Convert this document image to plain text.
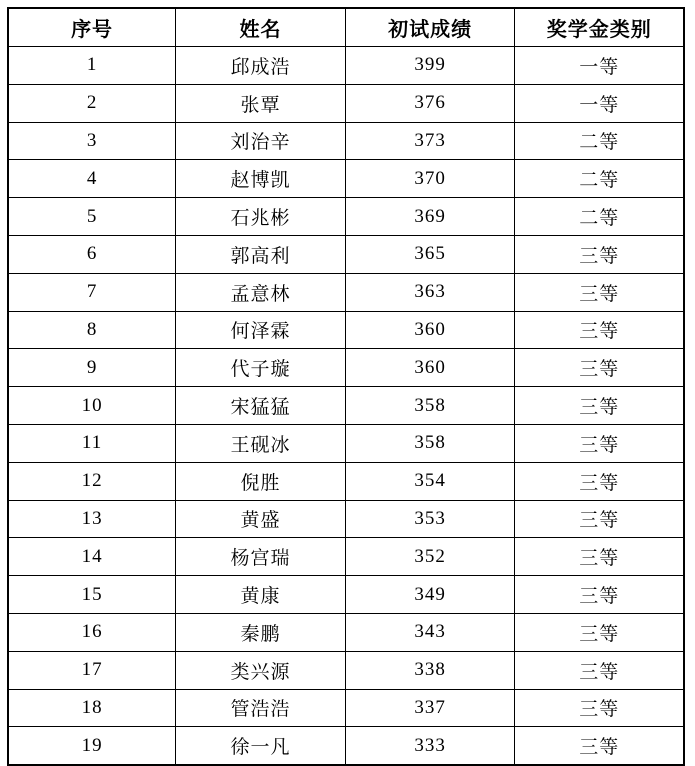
序号	姓名	初试成绩	奖学金类别
1	邱成浩	399	一等
2	张覃	376	一等
3	刘治辛	373	二等
4	赵博凯	370	二等
5	石兆彬	369	二等
6	郭高利	365	三等
7	孟意林	363	三等
8	何泽霖	360	三等
9	代子璇	360	三等
10	宋猛猛	358	三等
11	王砚冰	358	三等
12	倪胜	354	三等
13	黄盛	353	三等
14	杨宫瑞	352	三等
15	黄康	349	三等
16	秦鹏	343	三等
17	类兴源	338	三等
18	管浩浩	337	三等
19	徐一凡	333	三等
